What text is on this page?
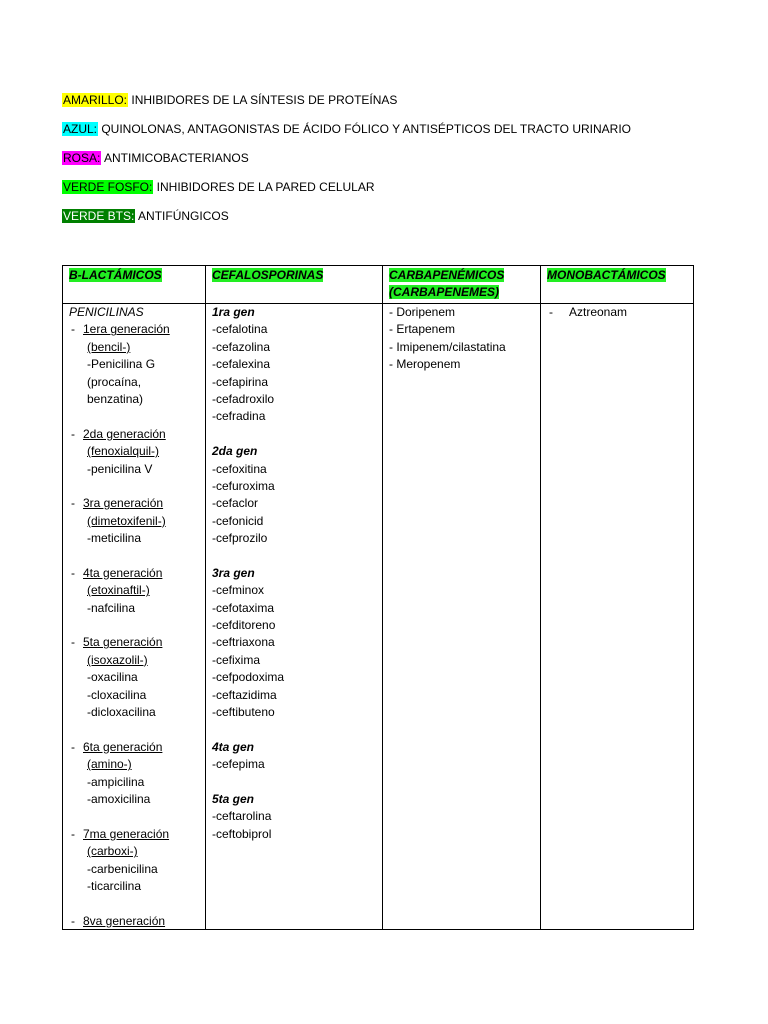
AMARILLO: INHIBIDORES DE LA SÍNTESIS DE PROTEÍNAS
AZUL: QUINOLONAS, ANTAGONISTAS DE ÁCIDO FÓLICO Y ANTISÉPTICOS DEL TRACTO URINARIO
ROSA: ANTIMICOBACTERIANOS
VERDE FOSFO: INHIBIDORES DE LA PARED CELULAR
VERDE BTS: ANTIFÚNGICOS
B-LACTÁMICOS	CEFALOSPORINAS	CARBAPENÉMICOS
(CARBAPENEMES)
MONOBACTÁMICOS
PENICILINAS
- 1era generación
(bencil-)
-Penicilina G
(procaína,
benzatina)
- 2da generación
(fenoxialquil-)
-penicilina V
- 3ra generación
(dimetoxifenil-)
-meticilina
- 4ta generación
(etoxinaftil-)
-nafcilina
- 5ta generación
(isoxazolil-)
-oxacilina
-cloxacilina
-dicloxacilina
- 6ta generación
(amino-)
-ampicilina
-amoxicilina
- 7ma generación
(carboxi-)
-carbenicilina
-ticarcilina
- 8va generación
1ra gen
-cefalotina
-cefazolina
-cefalexina
-cefapirina
-cefadroxilo
-cefradina
2da gen
-cefoxitina
-cefuroxima
-cefaclor
-cefonicid
-cefprozilo
3ra gen
-cefminox
-cefotaxima
-cefditoreno
-ceftriaxona
-cefixima
-cefpodoxima
-ceftazidima
-ceftibuteno
4ta gen
-cefepima
5ta gen
-ceftarolina
-ceftobiprol
- Doripenem
- Ertapenem
- Imipenem/cilastatina
- Meropenem
- Aztreonam
